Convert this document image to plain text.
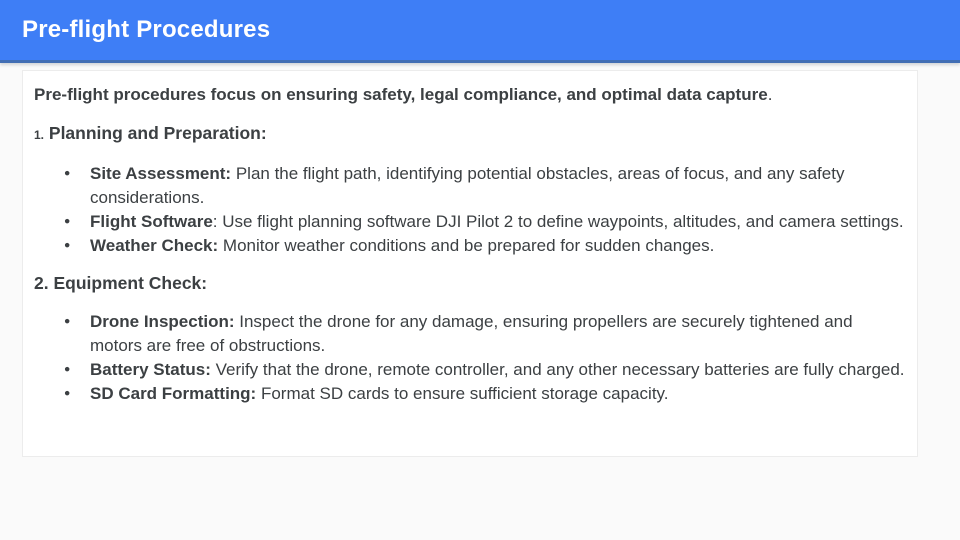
Pre-flight Procedures

Pre-flight procedures focus on ensuring safety, legal compliance, and optimal data capture.

1. Planning and Preparation:

● Site Assessment: Plan the flight path, identifying potential obstacles, areas of focus, and any safety considerations.
● Flight Software: Use flight planning software DJI Pilot 2 to define waypoints, altitudes, and camera settings.
● Weather Check: Monitor weather conditions and be prepared for sudden changes.

2. Equipment Check:

● Drone Inspection: Inspect the drone for any damage, ensuring propellers are securely tightened and motors are free of obstructions.
● Battery Status: Verify that the drone, remote controller, and any other necessary batteries are fully charged.
● SD Card Formatting: Format SD cards to ensure sufficient storage capacity.
